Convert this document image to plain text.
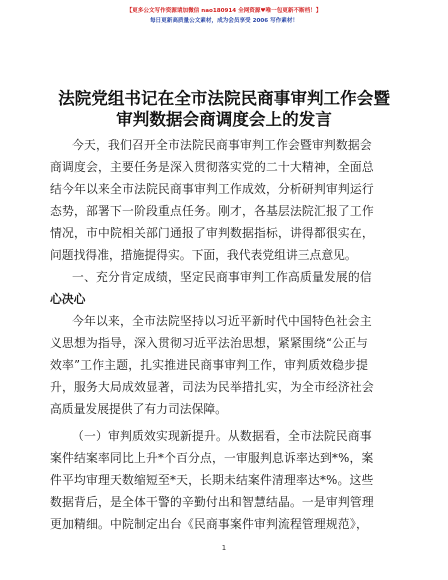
【更多公文写作资源请加微信 nao180914 全网资源♥唯一包更新不断档！】
每日更新高质量公文素材，成为会员享受 2006 写作素材！
法院党组书记在全市法院民商事审判工作会暨
审判数据会商调度会上的发言
今天，我们召开全市法院民商事审判工作会暨审判数据会
商调度会，主要任务是深入贯彻落实党的二十大精神，全面总
结今年以来全市法院民商事审判工作成效，分析研判审判运行
态势，部署下一阶段重点任务。刚才，各基层法院汇报了工作
情况，市中院相关部门通报了审判数据指标，讲得都很实在，
问题找得准，措施提得实。下面，我代表党组讲三点意见。
一、充分肯定成绩，坚定民商事审判工作高质量发展的信
心决心
今年以来，全市法院坚持以习近平新时代中国特色社会主
义思想为指导，深入贯彻习近平法治思想，紧紧围绕“公正与
效率”工作主题，扎实推进民商事审判工作，审判质效稳步提
升，服务大局成效显著，司法为民举措扎实，为全市经济社会
高质量发展提供了有力司法保障。
（一）审判质效实现新提升。从数据看，全市法院民商事
案件结案率同比上升*个百分点，一审服判息诉率达到*%，案
件平均审理天数缩短至*天，长期未结案件清理率达*%。这些
数据背后，是全体干警的辛勤付出和智慧结晶。一是审判管理
更加精细。中院制定出台《民商事案件审判流程管理规范》，
1
